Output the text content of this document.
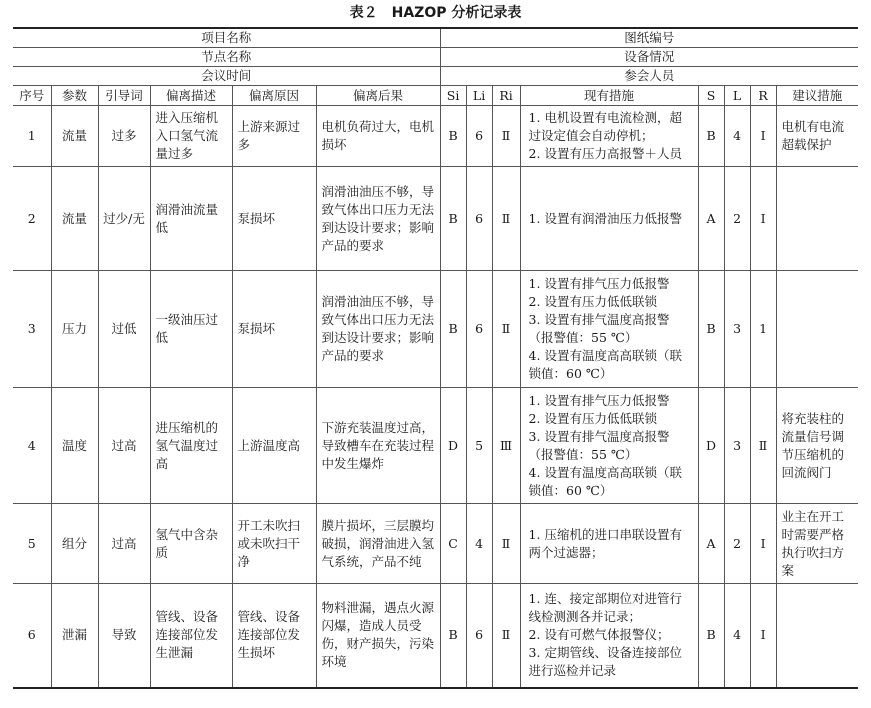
表２　HAZOP 分析记录表
项目名称						图纸编号							
节点名称						设备情况							
会议时间						参会人员							
序号	参数	引导词	偏离描述	偏离原因	偏离后果	Si	Li	Ri	现有措施	S	L	R	建议措施
1	流量	过多	进入压缩机入口氢气流量过多	上游来源过多	电机负荷过大，电机损坏	B	6	Ⅱ	1. 电机设置有电流检测，超过设定值会自动停机；
2. 设置有压力高报警＋人员	B	4	Ⅰ	电机有电流超载保护
2	流量	过少/无	润滑油流量低	泵损坏	润滑油油压不够，导致气体出口压力无法到达设计要求；影响产品的要求	B	6	Ⅱ	1. 设置有润滑油压力低报警	A	2	Ⅰ	
3	压力	过低	一级油压过低	泵损坏	润滑油油压不够，导致气体出口压力无法到达设计要求；影响产品的要求	B	6	Ⅱ	1. 设置有排气压力低报警
2. 设置有压力低低联锁
3. 设置有排气温度高报警（报警值：55 ℃）
4. 设置有温度高高联锁（联锁值：60 ℃）	B	3	1	
4	温度	过高	进压缩机的氢气温度过高	上游温度高	下游充装温度过高，导致槽车在充装过程中发生爆炸	D	5	Ⅲ	1. 设置有排气压力低报警
2. 设置有压力低低联锁
3. 设置有排气温度高报警（报警值：55 ℃）
4. 设置有温度高高联锁（联锁值：60 ℃）	D	3	Ⅱ	将充装柱的流量信号调节压缩机的回流阀门
5	组分	过高	氢气中含杂质	开工未吹扫或未吹扫干净	膜片损坏，三层膜均破损，润滑油进入氢气系统，产品不纯	C	4	Ⅱ	1. 压缩机的进口串联设置有两个过滤器；	A	2	Ⅰ	业主在开工时需要严格执行吹扫方案
6	泄漏	导致	管线、设备连接部位发生泄漏	管线、设备连接部位发生损坏	物料泄漏，遇点火源闪爆，造成人员受伤，财产损失，污染环境	B	6	Ⅱ	1. 连、接定部期位对进管行线检测测各并记录；
2. 设有可燃气体报警仪；
3. 定期管线、设备连接部位进行巡检并记录	B	4	Ⅰ	
